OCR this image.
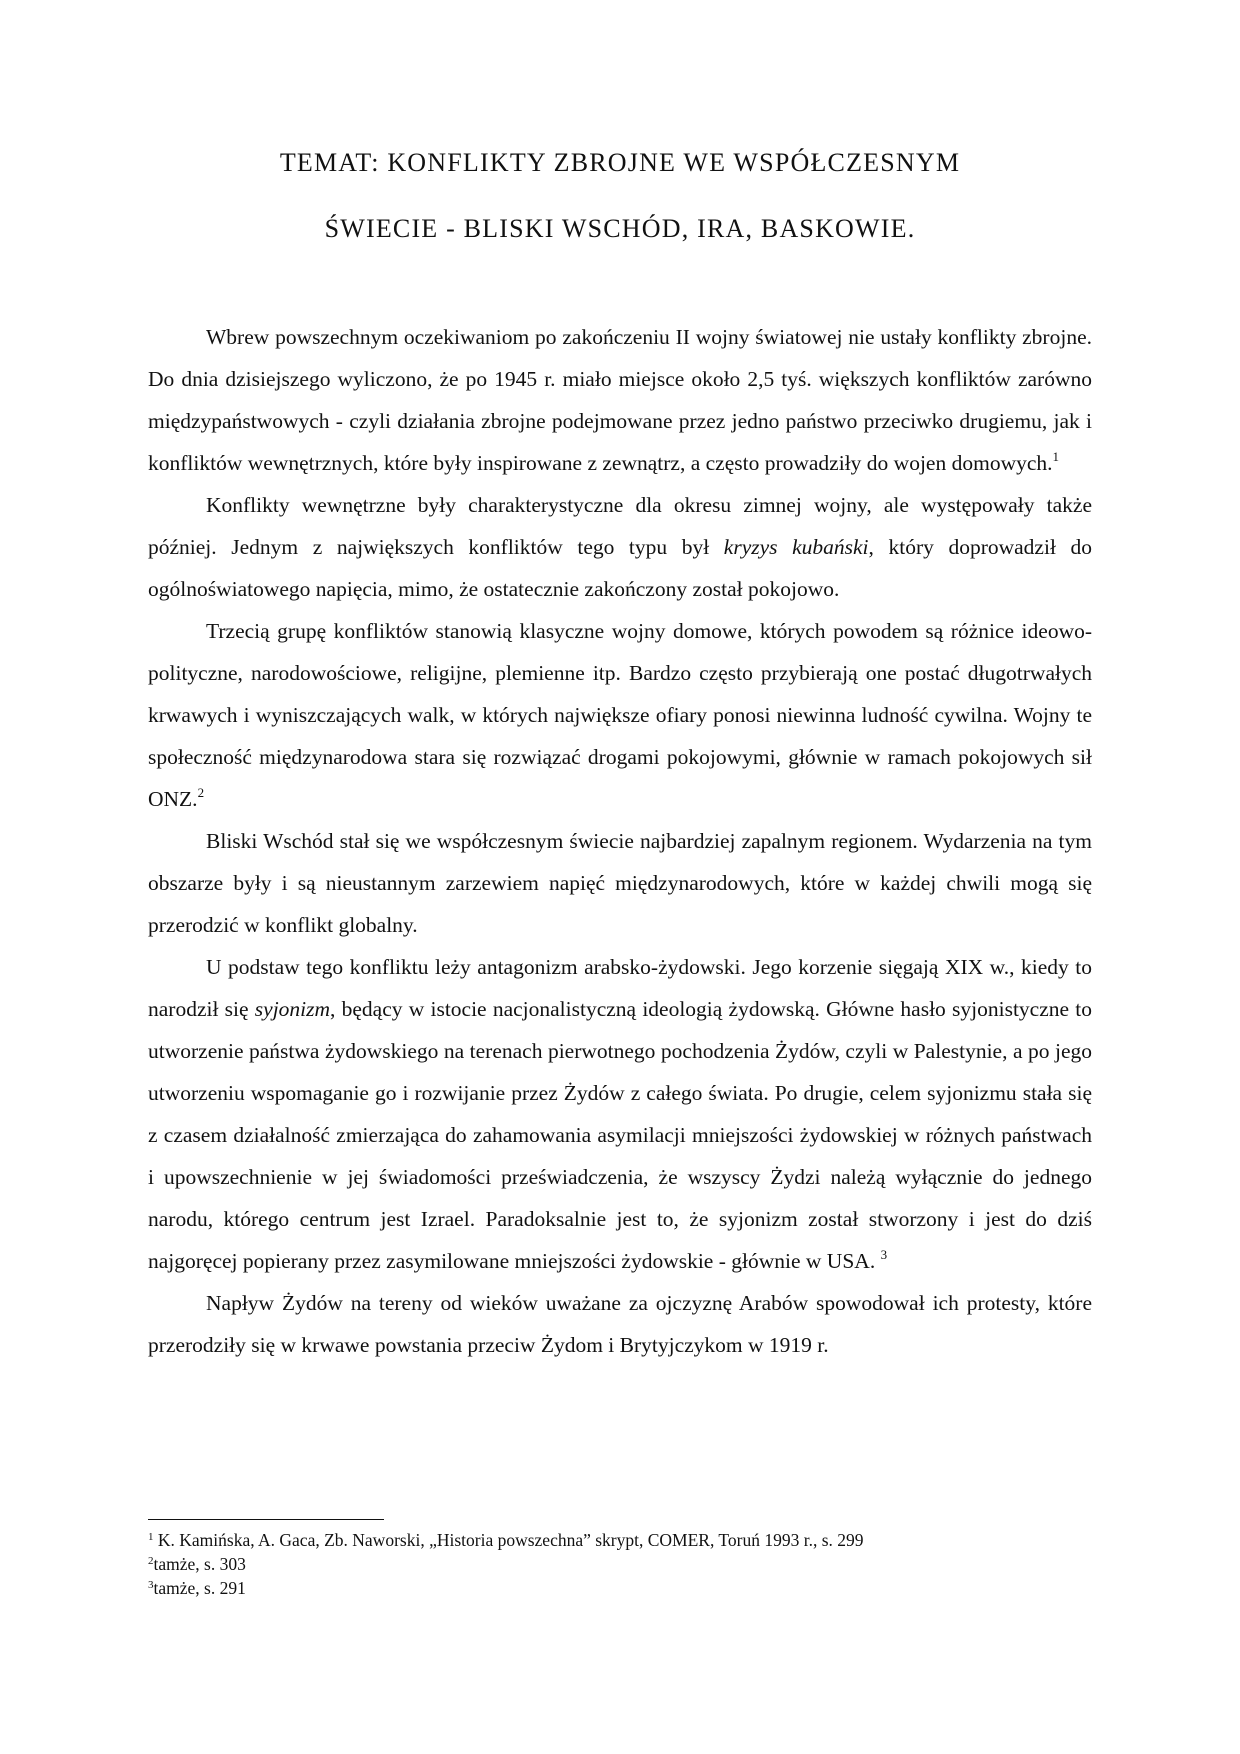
TEMAT: KONFLIKTY ZBROJNE WE WSPÓŁCZESNYM
ŚWIECIE - BLISKI WSCHÓD, IRA, BASKOWIE.

Wbrew powszechnym oczekiwaniom po zakończeniu II wojny światowej nie ustały konflikty zbrojne. Do dnia dzisiejszego wyliczono, że po 1945 r. miało miejsce około 2,5 tyś. większych konfliktów zarówno międzypaństwowych - czyli działania zbrojne podejmowane przez jedno państwo przeciwko drugiemu, jak i konfliktów wewnętrznych, które były inspirowane z zewnątrz, a często prowadziły do wojen domowych.$^1$

Konflikty wewnętrzne były charakterystyczne dla okresu zimnej wojny, ale występowały także później. Jednym z największych konfliktów tego typu był kryzys kubański, który doprowadził do ogólnoświatowego napięcia, mimo, że ostatecznie zakończony został pokojowo.

Trzecią grupę konfliktów stanowią klasyczne wojny domowe, których powodem są różnice ideowo-polityczne, narodowościowe, religijne, plemienne itp. Bardzo często przybierają one postać długotrwałych krwawych i wyniszczających walk, w których największe ofiary ponosi niewinna ludność cywilna. Wojny te społeczność międzynarodowa stara się rozwiązać drogami pokojowymi, głównie w ramach pokojowych sił ONZ.$^2$

Bliski Wschód stał się we współczesnym świecie najbardziej zapalnym regionem. Wydarzenia na tym obszarze były i są nieustannym zarzewiem napięć międzynarodowych, które w każdej chwili mogą się przerodzić w konflikt globalny.

U podstaw tego konfliktu leży antagonizm arabsko-żydowski. Jego korzenie sięgają XIX w., kiedy to narodził się syjonizm, będący w istocie nacjonalistyczną ideologią żydowską. Główne hasło syjonistyczne to utworzenie państwa żydowskiego na terenach pierwotnego pochodzenia Żydów, czyli w Palestynie, a po jego utworzeniu wspomaganie go i rozwijanie przez Żydów z całego świata. Po drugie, celem syjonizmu stała się z czasem działalność zmierzająca do zahamowania asymilacji mniejszości żydowskiej w różnych państwach i upowszechnienie w jej świadomości przeświadczenia, że wszyscy Żydzi należą wyłącznie do jednego narodu, którego centrum jest Izrael. Paradoksalnie jest to, że syjonizm został stworzony i jest do dziś najgoręcej popierany przez zasymilowane mniejszości żydowskie - głównie w USA. $^3$

Napływ Żydów na tereny od wieków uważane za ojczyznę Arabów spowodował ich protesty, które przerodziły się w krwawe powstania przeciw Żydom i Brytyjczykom w 1919 r.

$^1$ K. Kamińska, A. Gaca, Zb. Naworski, „Historia powszechna” skrypt, COMER, Toruń 1993 r., s. 299
$^2$tamże, s. 303
$^3$tamże, s. 291
